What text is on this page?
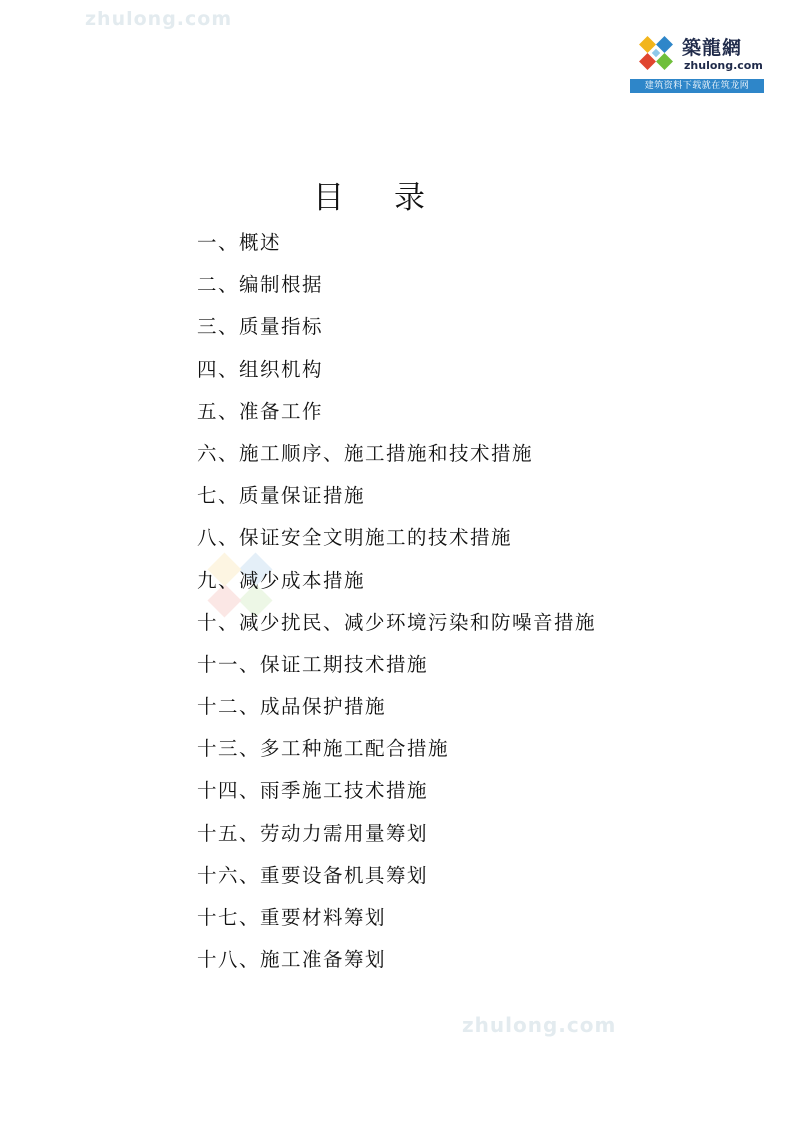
zhulong.com
築龍網
zhulong.com
建筑资料下载就在筑龙网
目录
一、概述
二、编制根据
三、质量指标
四、组织机构
五、准备工作
六、施工顺序、施工措施和技术措施
七、质量保证措施
八、保证安全文明施工的技术措施
九、减少成本措施
十、减少扰民、减少环境污染和防噪音措施
十一、保证工期技术措施
十二、成品保护措施
十三、多工种施工配合措施
十四、雨季施工技术措施
十五、劳动力需用量筹划
十六、重要设备机具筹划
十七、重要材料筹划
十八、施工准备筹划
zhulong.com
